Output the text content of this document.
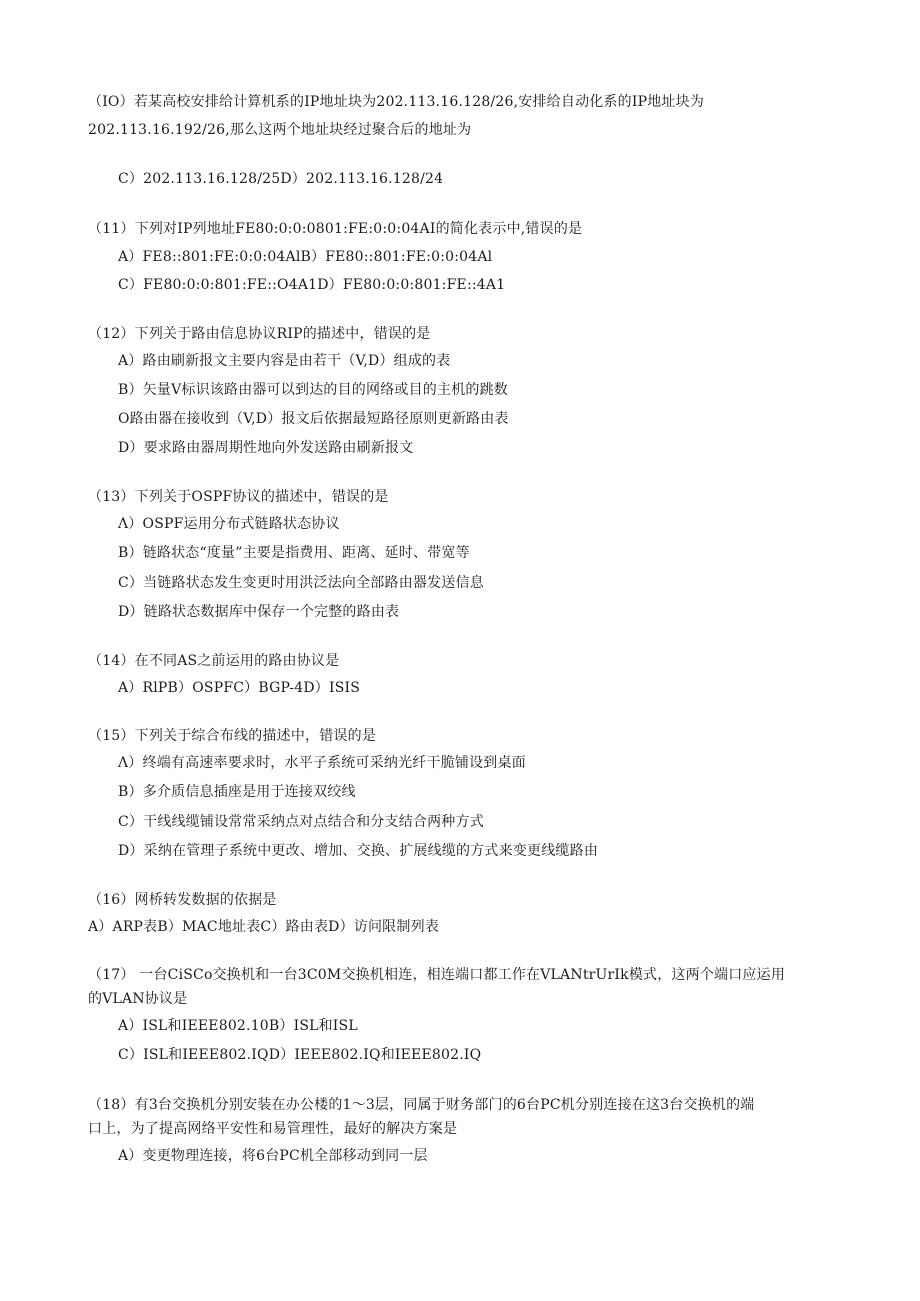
（IO）若某高校安排给计算机系的IP地址块为202.113.16.128/26,安排给自动化系的IP地址块为
202.113.16.192/26,那么这两个地址块经过聚合后的地址为
C）202.113.16.128/25D）202.113.16.128/24
（11）下列对IP列地址FE80:0:0:0801:FE:0:0:04AI的简化表示中,错误的是
A）FE8::801:FE:0:0:04AlB）FE80::801:FE:0:0:04Al
C）FE80:0:0:801:FE::O4A1D）FE80:0:0:801:FE::4A1
（12）下列关于路由信息协议RIP的描述中，错误的是
A）路由刷新报文主要内容是由若干（V,D）组成的表
B）矢量V标识该路由器可以到达的目的网络或目的主机的跳数
O路由器在接收到（V,D）报文后依据最短路径原则更新路由表
D）要求路由器周期性地向外发送路由刷新报文
（13）下列关于OSPF协议的描述中，错误的是
Λ）OSPF运用分布式链路状态协议
B）链路状态“度量”主要是指费用、距离、延时、带宽等
C）当链路状态发生变更时用洪泛法向全部路由器发送信息
D）链路状态数据库中保存一个完整的路由表
（14）在不同AS之前运用的路由协议是
A）RlPB）OSPFC）BGP-4D）ISIS
（15）下列关于综合布线的描述中，错误的是
Λ）终端有高速率要求时，水平子系统可采纳光纤干脆铺设到桌面
B）多介质信息插座是用于连接双绞线
C）干线线缆铺设常常采纳点对点结合和分支结合两种方式
D）采纳在管理子系统中更改、增加、交换、扩展线缆的方式来变更线缆路由
（16）网桥转发数据的依据是
A）ARP表B）MAC地址表C）路由表D）访问限制列表
（17） 一台CiSCo交换机和一台3C0M交换机相连，相连端口都工作在VLANtrUrIk模式，这两个端口应运用
的VLAN协议是
A）ISL和IEEE802.10B）ISL和ISL
C）ISL和IEEE802.IQD）IEEE802.IQ和IEEE802.IQ
（18）有3台交换机分别安装在办公楼的1～3层，同属于财务部门的6台PC机分别连接在这3台交换机的端
口上，为了提高网络平安性和易管理性，最好的解决方案是
A）变更物理连接，将6台PC机全部移动到同一层
